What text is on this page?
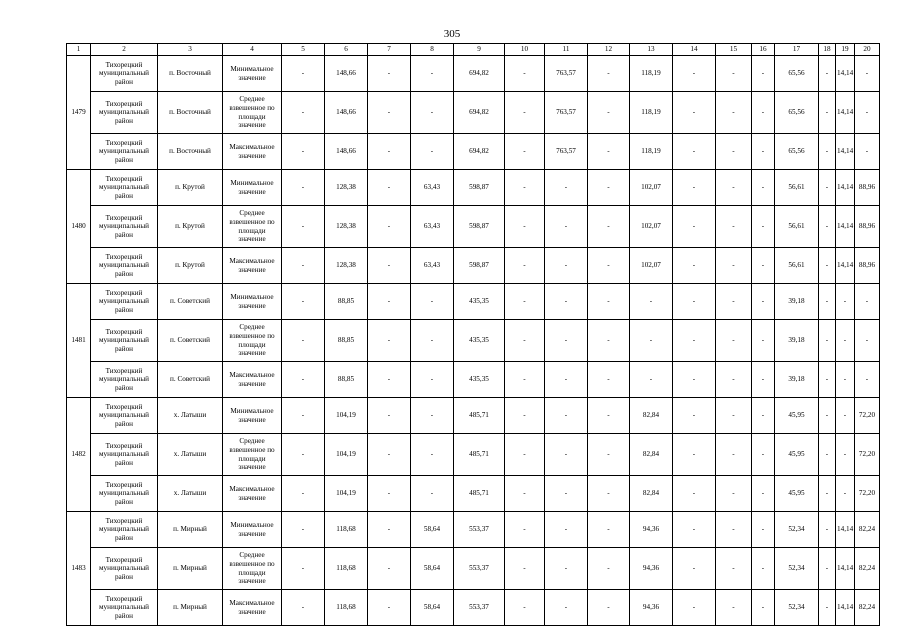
305
1	2	3	4	5	6	7	8	9	10	11	12	13	14	15	16	17	18	19	20
1479	Тихорецкий муниципальный район	п. Восточный	Минимальное значение	-	148,66	-	-	694,82	-	763,57	-	118,19	-	-	-	65,56	-	14,14	-
	Тихорецкий муниципальный район	п. Восточный	Среднее взвешенное по площади значение	-	148,66	-	-	694,82	-	763,57	-	118,19	-	-	-	65,56	-	14,14	-
	Тихорецкий муниципальный район	п. Восточный	Максимальное значение	-	148,66	-	-	694,82	-	763,57	-	118,19	-	-	-	65,56	-	14,14	-
1480	Тихорецкий муниципальный район	п. Крутой	Минимальное значение	-	128,38	-	63,43	598,87	-	-	-	102,07	-	-	-	56,61	-	14,14	88,96
	Тихорецкий муниципальный район	п. Крутой	Среднее взвешенное по площади значение	-	128,38	-	63,43	598,87	-	-	-	102,07	-	-	-	56,61	-	14,14	88,96
	Тихорецкий муниципальный район	п. Крутой	Максимальное значение	-	128,38	-	63,43	598,87	-	-	-	102,07	-	-	-	56,61	-	14,14	88,96
1481	Тихорецкий муниципальный район	п. Советский	Минимальное значение	-	88,85	-	-	435,35	-	-	-	-	-	-	-	39,18	-	-	-
	Тихорецкий муниципальный район	п. Советский	Среднее взвешенное по площади значение	-	88,85	-	-	435,35	-	-	-	-	-	-	-	39,18	-	-	-
	Тихорецкий муниципальный район	п. Советский	Максимальное значение	-	88,85	-	-	435,35	-	-	-	-	-	-	-	39,18	-	-	-
1482	Тихорецкий муниципальный район	х. Латыши	Минимальное значение	-	104,19	-	-	485,71	-	-	-	82,84	-	-	-	45,95	-	-	72,20
	Тихорецкий муниципальный район	х. Латыши	Среднее взвешенное по площади значение	-	104,19	-	-	485,71	-	-	-	82,84	-	-	-	45,95	-	-	72,20
	Тихорецкий муниципальный район	х. Латыши	Максимальное значение	-	104,19	-	-	485,71	-	-	-	82,84	-	-	-	45,95	-	-	72,20
1483	Тихорецкий муниципальный район	п. Мирный	Минимальное значение	-	118,68	-	58,64	553,37	-	-	-	94,36	-	-	-	52,34	-	14,14	82,24
	Тихорецкий муниципальный район	п. Мирный	Среднее взвешенное по площади значение	-	118,68	-	58,64	553,37	-	-	-	94,36	-	-	-	52,34	-	14,14	82,24
	Тихорецкий муниципальный район	п. Мирный	Максимальное значение	-	118,68	-	58,64	553,37	-	-	-	94,36	-	-	-	52,34	-	14,14	82,24
